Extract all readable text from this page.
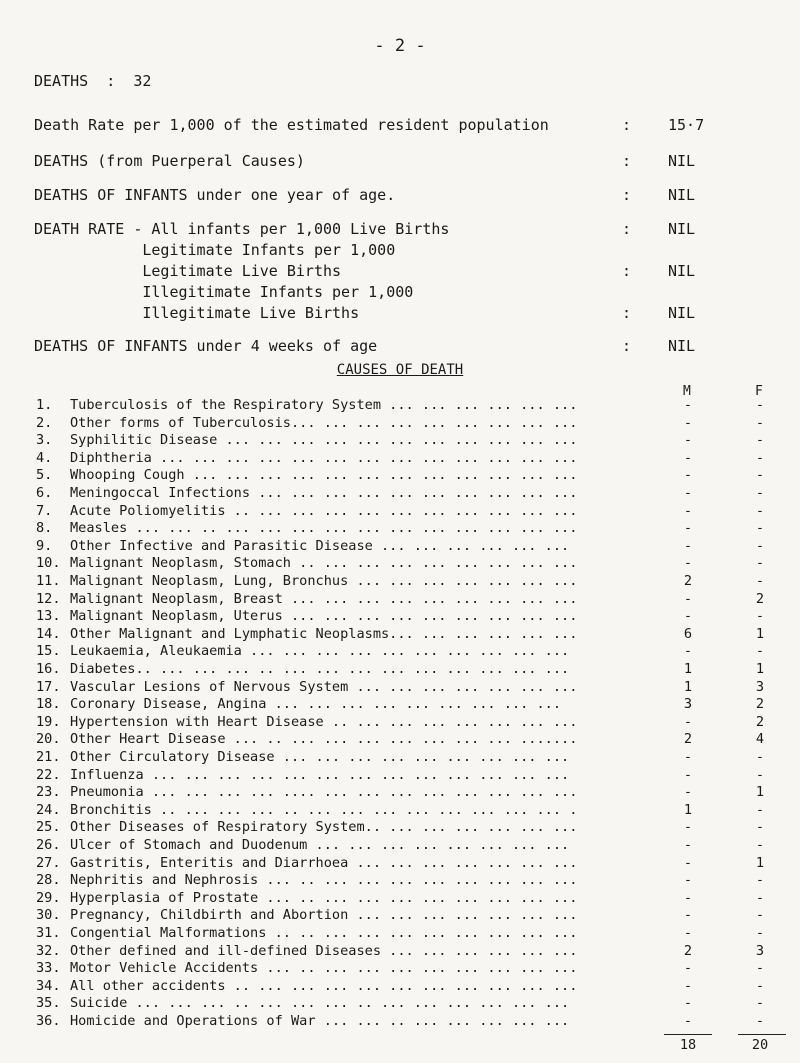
- 2 -
DEATHS  :  32
Death Rate per 1,000 of the estimated resident population	: 15·7
DEATHS (from Puerperal Causes)	: NIL
DEATHS OF INFANTS under one year of age.	: NIL
DEATH RATE - All infants per 1,000 Live Births	: NIL
Legitimate Infants per 1,000
Legitimate Live Births	: NIL
Illegitimate Infants per 1,000
Illegitimate Live Births	: NIL
DEATHS OF INFANTS under 4 weeks of age	: NIL
CAUSES OF DEATH
M	F
1. Tuberculosis of the Respiratory System ... ... ... ... ... ...	-	-
2. Other forms of Tuberculosis... ... ... ... ... ... ... ... ...	-	-
3. Syphilitic Disease ... ... ... ... ... ... ... ... ... ... ...	-	-
4. Diphtheria ... ... ... ... ... ... ... ... ... ... ... ... ...	-	-
5. Whooping Cough ... ... ... ... ... ... ... ... ... ... ... ...	-	-
6. Meningoccal Infections ... ... ... ... ... ... ... ... ... ...	-	-
7. Acute Poliomyelitis .. ... ... ... ... ... ... ... ... ... ...	-	-
8. Measles ... ... .. ... ... ... ... ... ... ... ... ... ... ...	-	-
9. Other Infective and Parasitic Disease ... ... ... ... ... ...	-	-
10. Malignant Neoplasm, Stomach .. ... ... ... ... ... ... ... ...	-	-
11. Malignant Neoplasm, Lung, Bronchus ... ... ... ... ... ... ...	2	-
12. Malignant Neoplasm, Breast ... ... ... ... ... ... ... ... ...	-	2
13. Malignant Neoplasm, Uterus ... ... ... ... ... ... ... ... ...	-	-
14. Other Malignant and Lymphatic Neoplasms... ... ... ... ... ...	6	1
15. Leukaemia, Aleukaemia ... ... ... ... ... ... ... ... ... ...	-	-
16. Diabetes.. ... ... ... .. ... ... ... ... ... ... ... ... ...	1	1
17. Vascular Lesions of Nervous System ... ... ... ... ... ... ...	1	3
18. Coronary Disease, Angina ... ... ... ... ... ... ... ... ...	3	2
19. Hypertension with Heart Disease .. ... ... ... ... ... ... ...	-	2
20. Other Heart Disease ... .. ... ... ... ... ... ... ... .......	2	4
21. Other Circulatory Disease ... ... ... ... ... ... ... ... ...	-	-
22. Influenza ... ... ... ... ... ... ... ... ... ... ... ... ...	-	-
23. Pneumonia ... ... ... ... .... ... ... ... ... ... ... ... ...	-	1
24. Bronchitis .. ... ... ... .. ... ... ... ... ... ... ... ... .	1	-
25. Other Diseases of Respiratory System.. ... ... ... ... ... ...	-	-
26. Ulcer of Stomach and Duodenum ... ... ... ... ... ... ... ...	-	-
27. Gastritis, Enteritis and Diarrhoea ... ... ... ... ... ... ...	-	1
28. Nephritis and Nephrosis ... .. ... ... ... ... ... ... ... ...	-	-
29. Hyperplasia of Prostate ... .. ... ... ... ... ... ... ... ...	-	-
30. Pregnancy, Childbirth and Abortion ... ... ... ... ... ... ...	-	-
31. Congential Malformations .. .. ... ... ... ... ... ... ... ...	-	-
32. Other defined and ill-defined Diseases ... ... ... ... ... ...	2	3
33. Motor Vehicle Accidents ... .. ... ... ... ... ... ... ... ...	-	-
34. All other accidents .. ... ... ... ... ... ... ... ... ... ...	-	-
35. Suicide ... ... ... .. ... ... ... .. ... ... ... ... ... ...	-	-
36. Homicide and Operations of War ... ... .. ... ... ... ... ...	-	-
18	20
